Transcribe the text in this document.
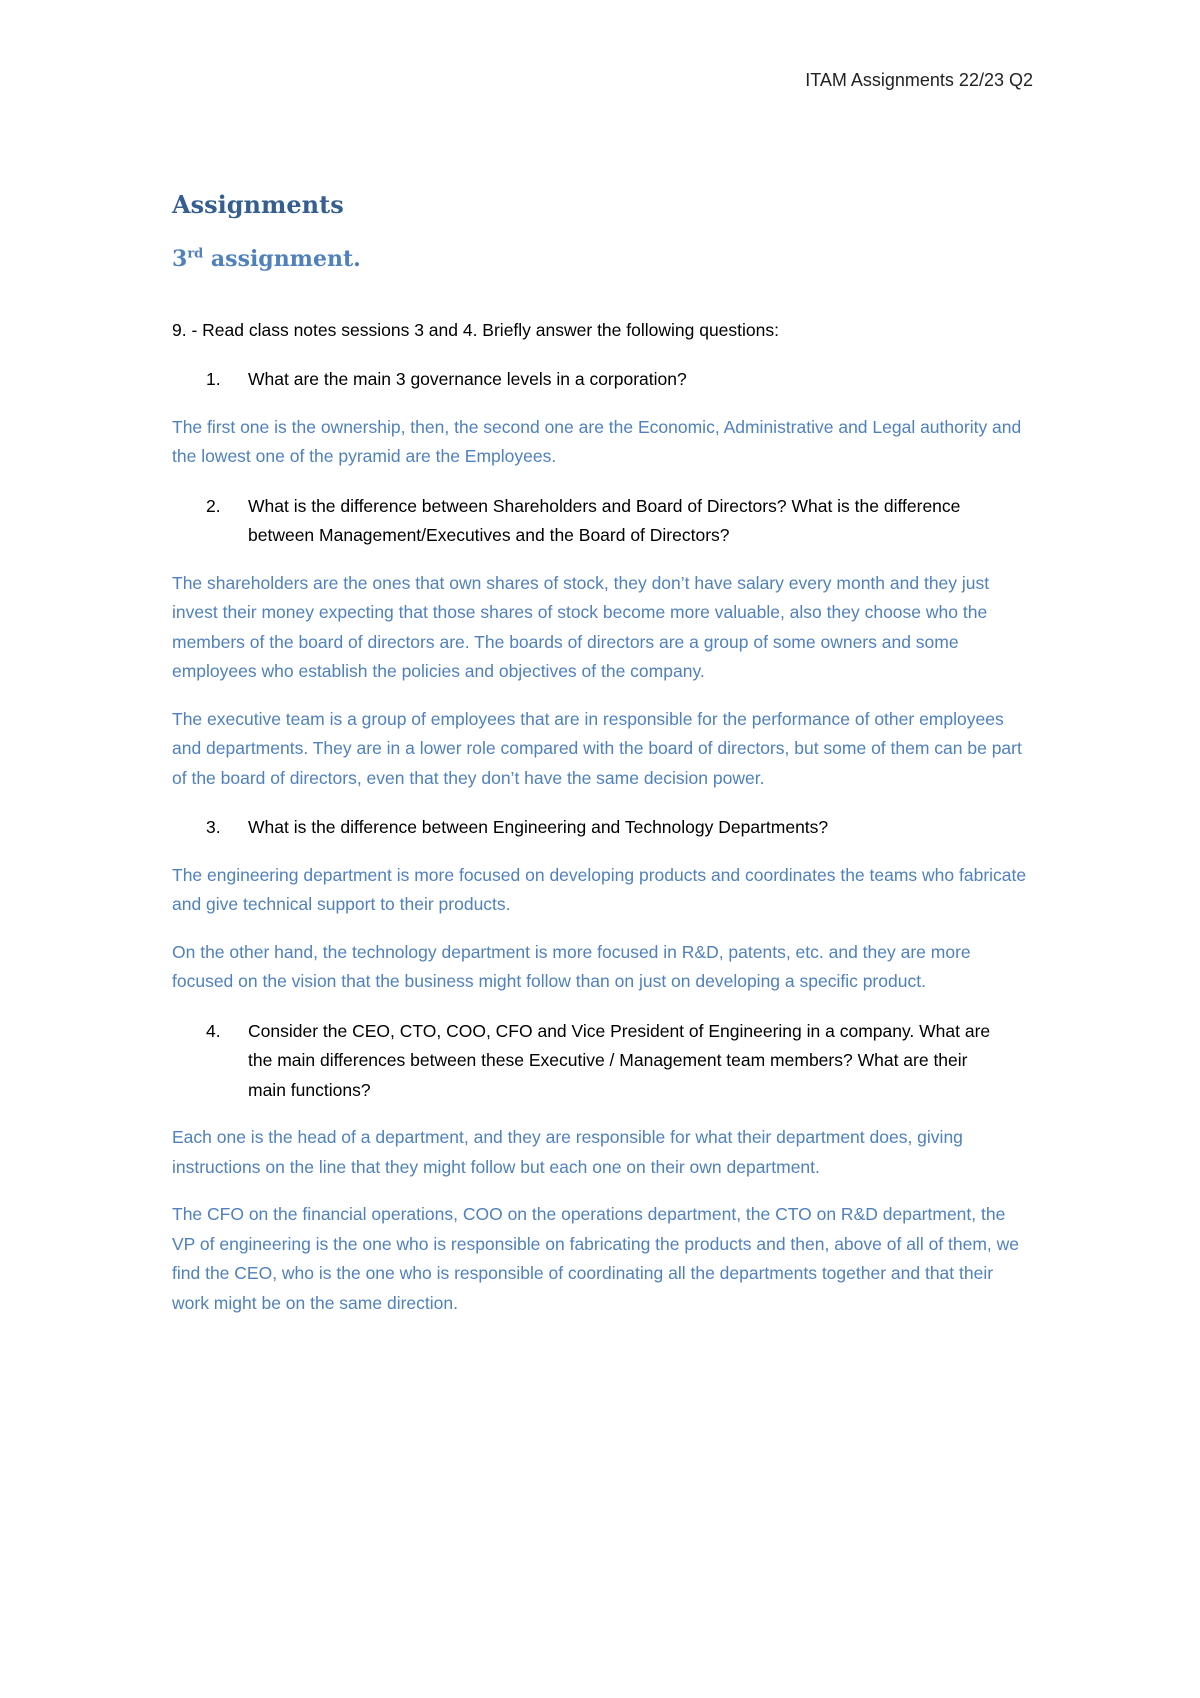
ITAM Assignments 22/23 Q2
Assignments
3rd assignment.

9. - Read class notes sessions 3 and 4. Briefly answer the following questions:

1.	What are the main 3 governance levels in a corporation?

The first one is the ownership, then, the second one are the Economic, Administrative and Legal authority and the lowest one of the pyramid are the Employees.

2.	What is the difference between Shareholders and Board of Directors? What is the difference between Management/Executives and the Board of Directors?

The shareholders are the ones that own shares of stock, they don’t have salary every month and they just invest their money expecting that those shares of stock become more valuable, also they choose who the members of the board of directors are. The boards of directors are a group of some owners and some employees who establish the policies and objectives of the company.

The executive team is a group of employees that are in responsible for the performance of other employees and departments. They are in a lower role compared with the board of directors, but some of them can be part of the board of directors, even that they don’t have the same decision power.

3.	What is the difference between Engineering and Technology Departments?

The engineering department is more focused on developing products and coordinates the teams who fabricate and give technical support to their products.

On the other hand, the technology department is more focused in R&D, patents, etc. and they are more focused on the vision that the business might follow than on just on developing a specific product.

4.	Consider the CEO, CTO, COO, CFO and Vice President of Engineering in a company. What are the main differences between these Executive / Management team members? What are their main functions?

Each one is the head of a department, and they are responsible for what their department does, giving instructions on the line that they might follow but each one on their own department.

The CFO on the financial operations, COO on the operations department, the CTO on R&D department, the VP of engineering is the one who is responsible on fabricating the products and then, above of all of them, we find the CEO, who is the one who is responsible of coordinating all the departments together and that their work might be on the same direction.
